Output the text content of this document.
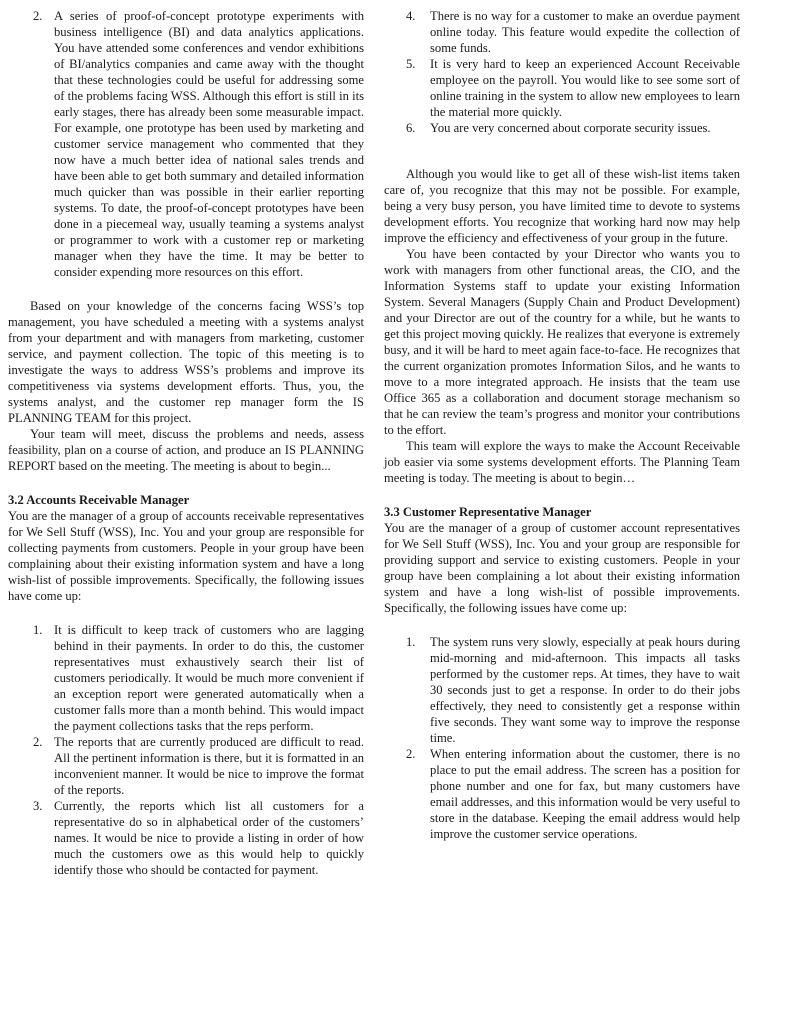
2. A series of proof-of-concept prototype experiments with business intelligence (BI) and data analytics applications. You have attended some conferences and vendor exhibitions of BI/analytics companies and came away with the thought that these technologies could be useful for addressing some of the problems facing WSS. Although this effort is still in its early stages, there has already been some measurable impact. For example, one prototype has been used by marketing and customer service management who commented that they now have a much better idea of national sales trends and have been able to get both summary and detailed information much quicker than was possible in their earlier reporting systems. To date, the proof-of-concept prototypes have been done in a piecemeal way, usually teaming a systems analyst or programmer to work with a customer rep or marketing manager when they have the time. It may be better to consider expending more resources on this effort.

Based on your knowledge of the concerns facing WSS’s top management, you have scheduled a meeting with a systems analyst from your department and with managers from marketing, customer service, and payment collection. The topic of this meeting is to investigate the ways to address WSS’s problems and improve its competitiveness via systems development efforts. Thus, you, the systems analyst, and the customer rep manager form the IS PLANNING TEAM for this project.

Your team will meet, discuss the problems and needs, assess feasibility, plan on a course of action, and produce an IS PLANNING REPORT based on the meeting. The meeting is about to begin...

3.2 Accounts Receivable Manager

You are the manager of a group of accounts receivable representatives for We Sell Stuff (WSS), Inc. You and your group are responsible for collecting payments from customers. People in your group have been complaining about their existing information system and have a long wish-list of possible improvements. Specifically, the following issues have come up:

1. It is difficult to keep track of customers who are lagging behind in their payments. In order to do this, the customer representatives must exhaustively search their list of customers periodically. It would be much more convenient if an exception report were generated automatically when a customer falls more than a month behind. This would impact the payment collections tasks that the reps perform.
2. The reports that are currently produced are difficult to read. All the pertinent information is there, but it is formatted in an inconvenient manner. It would be nice to improve the format of the reports.
3. Currently, the reports which list all customers for a representative do so in alphabetical order of the customers’ names. It would be nice to provide a listing in order of how much the customers owe as this would help to quickly identify those who should be contacted for payment.
4. There is no way for a customer to make an overdue payment online today. This feature would expedite the collection of some funds.
5. It is very hard to keep an experienced Account Receivable employee on the payroll. You would like to see some sort of online training in the system to allow new employees to learn the material more quickly.
6. You are very concerned about corporate security issues.

Although you would like to get all of these wish-list items taken care of, you recognize that this may not be possible. For example, being a very busy person, you have limited time to devote to systems development efforts. You recognize that working hard now may help improve the efficiency and effectiveness of your group in the future.

You have been contacted by your Director who wants you to work with managers from other functional areas, the CIO, and the Information Systems staff to update your existing Information System. Several Managers (Supply Chain and Product Development) and your Director are out of the country for a while, but he wants to get this project moving quickly. He realizes that everyone is extremely busy, and it will be hard to meet again face-to-face. He recognizes that the current organization promotes Information Silos, and he wants to move to a more integrated approach. He insists that the team use Office 365 as a collaboration and document storage mechanism so that he can review the team’s progress and monitor your contributions to the effort.

This team will explore the ways to make the Account Receivable job easier via some systems development efforts. The Planning Team meeting is today. The meeting is about to begin…

3.3 Customer Representative Manager

You are the manager of a group of customer account representatives for We Sell Stuff (WSS), Inc. You and your group are responsible for providing support and service to existing customers. People in your group have been complaining a lot about their existing information system and have a long wish-list of possible improvements. Specifically, the following issues have come up:

1. The system runs very slowly, especially at peak hours during mid-morning and mid-afternoon. This impacts all tasks performed by the customer reps. At times, they have to wait 30 seconds just to get a response. In order to do their jobs effectively, they need to consistently get a response within five seconds. They want some way to improve the response time.
2. When entering information about the customer, there is no place to put the email address. The screen has a position for phone number and one for fax, but many customers have email addresses, and this information would be very useful to store in the database. Keeping the email address would help improve the customer service operations.
